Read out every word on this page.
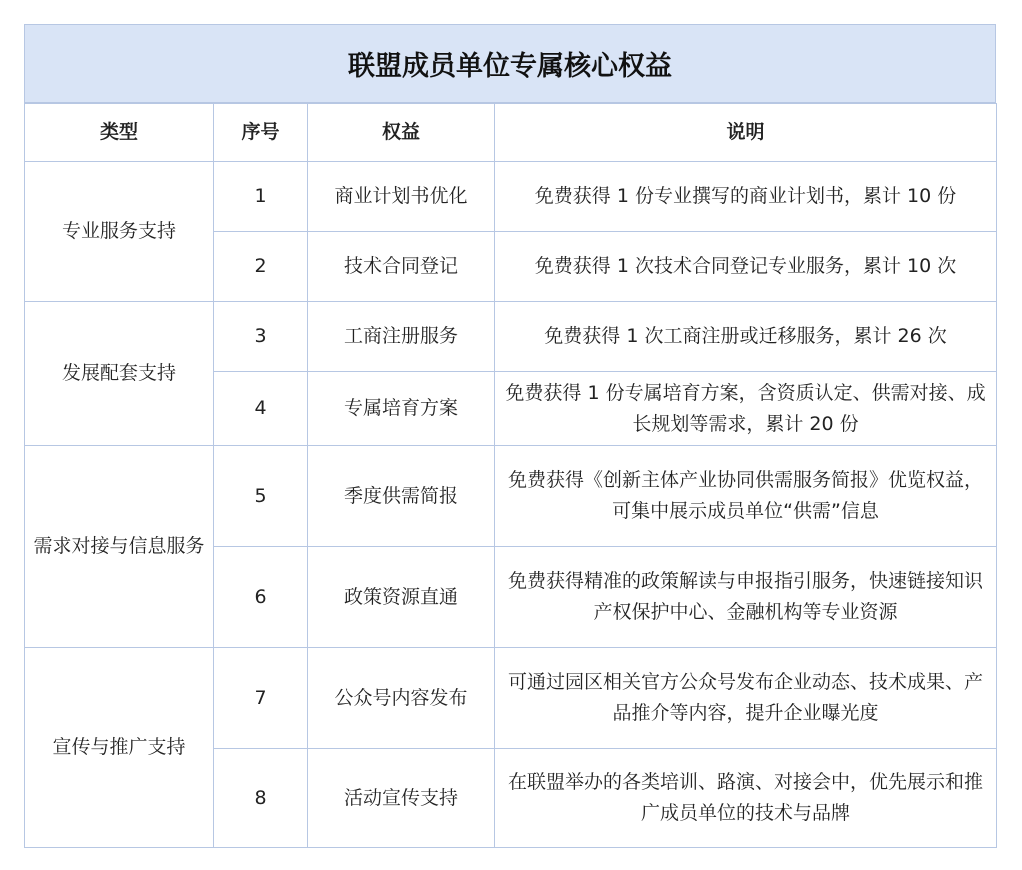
联盟成员单位专属核心权益
类型	序号	权益	说明
专业服务支持	1	商业计划书优化	免费获得 1 份专业撰写的商业计划书，累计 10 份
	2	技术合同登记	免费获得 1 次技术合同登记专业服务，累计 10 次
发展配套支持	3	工商注册服务	免费获得 1 次工商注册或迁移服务，累计 26 次
	4	专属培育方案	免费获得 1 份专属培育方案，含资质认定、供需对接、成长规划等需求，累计 20 份
需求对接与信息服务	5	季度供需简报	免费获得《创新主体产业协同供需服务简报》优览权益，可集中展示成员单位“供需”信息
	6	政策资源直通	免费获得精准的政策解读与申报指引服务，快速链接知识产权保护中心、金融机构等专业资源
宣传与推广支持	7	公众号内容发布	可通过园区相关官方公众号发布企业动态、技术成果、产品推介等内容，提升企业曝光度
	8	活动宣传支持	在联盟举办的各类培训、路演、对接会中，优先展示和推广成员单位的技术与品牌
